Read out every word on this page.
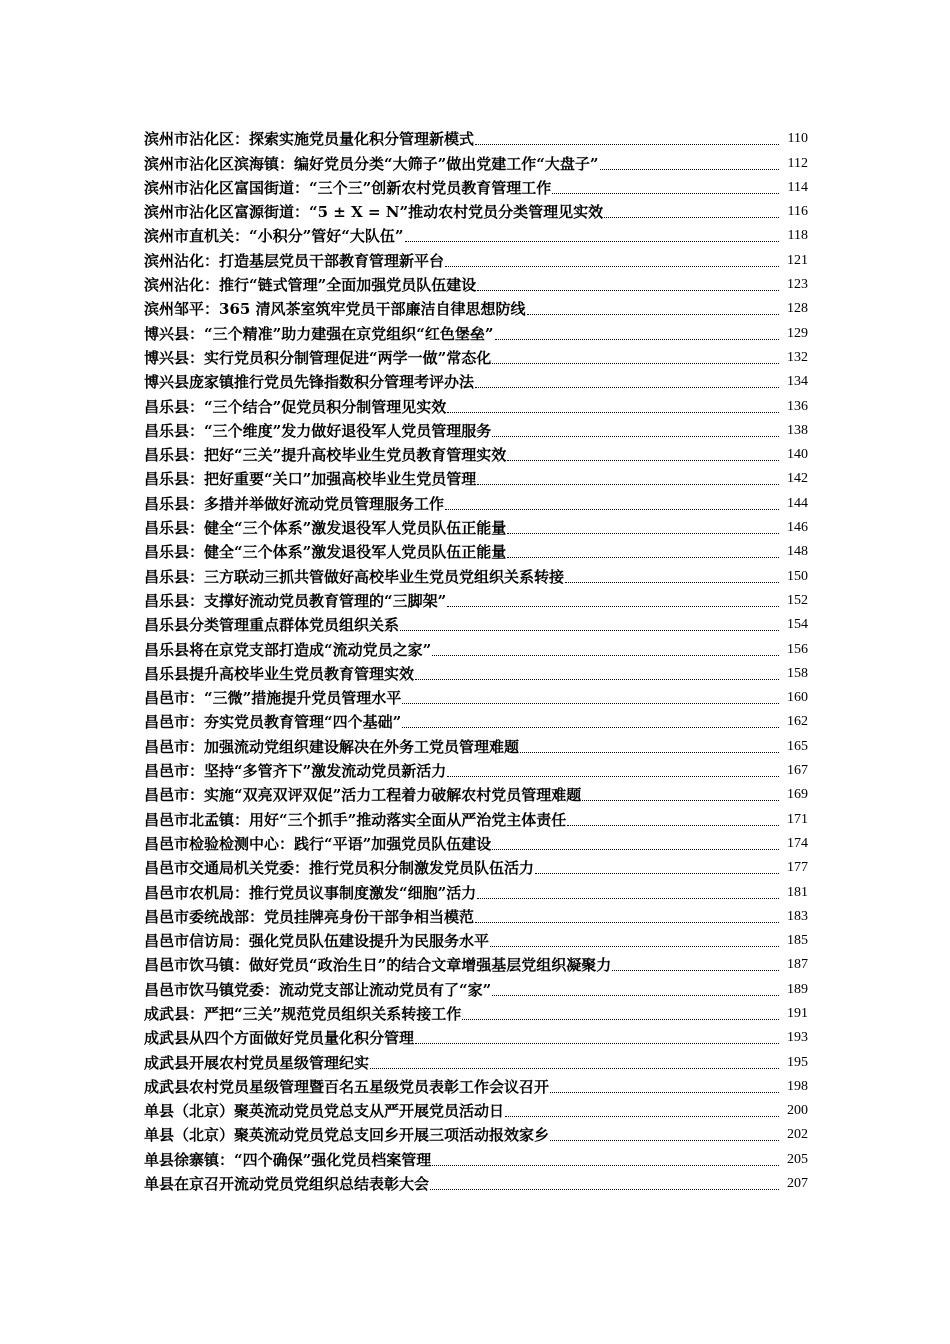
滨州市沾化区：探索实施党员量化积分管理新模式	110
滨州市沾化区滨海镇：编好党员分类“大筛子”做出党建工作“大盘子”	112
滨州市沾化区富国街道：“三个三”创新农村党员教育管理工作	114
滨州市沾化区富源街道：“5 ± X = N”推动农村党员分类管理见实效	116
滨州市直机关：“小积分”管好“大队伍”	118
滨州沾化：打造基层党员干部教育管理新平台	121
滨州沾化：推行“链式管理”全面加强党员队伍建设	123
滨州邹平：365 清风茶室筑牢党员干部廉洁自律思想防线	128
博兴县：“三个精准”助力建强在京党组织“红色堡垒”	129
博兴县：实行党员积分制管理促进“两学一做”常态化	132
博兴县庞家镇推行党员先锋指数积分管理考评办法	134
昌乐县：“三个结合”促党员积分制管理见实效	136
昌乐县：“三个维度”发力做好退役军人党员管理服务	138
昌乐县：把好“三关”提升高校毕业生党员教育管理实效	140
昌乐县：把好重要“关口”加强高校毕业生党员管理	142
昌乐县：多措并举做好流动党员管理服务工作	144
昌乐县：健全“三个体系”激发退役军人党员队伍正能量	146
昌乐县：健全“三个体系”激发退役军人党员队伍正能量	148
昌乐县：三方联动三抓共管做好高校毕业生党员党组织关系转接	150
昌乐县：支撑好流动党员教育管理的“三脚架”	152
昌乐县分类管理重点群体党员组织关系	154
昌乐县将在京党支部打造成“流动党员之家”	156
昌乐县提升高校毕业生党员教育管理实效	158
昌邑市：“三微”措施提升党员管理水平	160
昌邑市：夯实党员教育管理“四个基础”	162
昌邑市：加强流动党组织建设解决在外务工党员管理难题	165
昌邑市：坚持“多管齐下”激发流动党员新活力	167
昌邑市：实施“双亮双评双促”活力工程着力破解农村党员管理难题	169
昌邑市北孟镇：用好“三个抓手”推动落实全面从严治党主体责任	171
昌邑市检验检测中心：践行“平语”加强党员队伍建设	174
昌邑市交通局机关党委：推行党员积分制激发党员队伍活力	177
昌邑市农机局：推行党员议事制度激发“细胞”活力	181
昌邑市委统战部：党员挂牌亮身份干部争相当模范	183
昌邑市信访局：强化党员队伍建设提升为民服务水平	185
昌邑市饮马镇：做好党员“政治生日”的结合文章增强基层党组织凝聚力	187
昌邑市饮马镇党委：流动党支部让流动党员有了“家”	189
成武县：严把“三关”规范党员组织关系转接工作	191
成武县从四个方面做好党员量化积分管理	193
成武县开展农村党员星级管理纪实	195
成武县农村党员星级管理暨百名五星级党员表彰工作会议召开	198
单县（北京）聚英流动党员党总支从严开展党员活动日	200
单县（北京）聚英流动党员党总支回乡开展三项活动报效家乡	202
单县徐寨镇：“四个确保”强化党员档案管理	205
单县在京召开流动党员党组织总结表彰大会	207
